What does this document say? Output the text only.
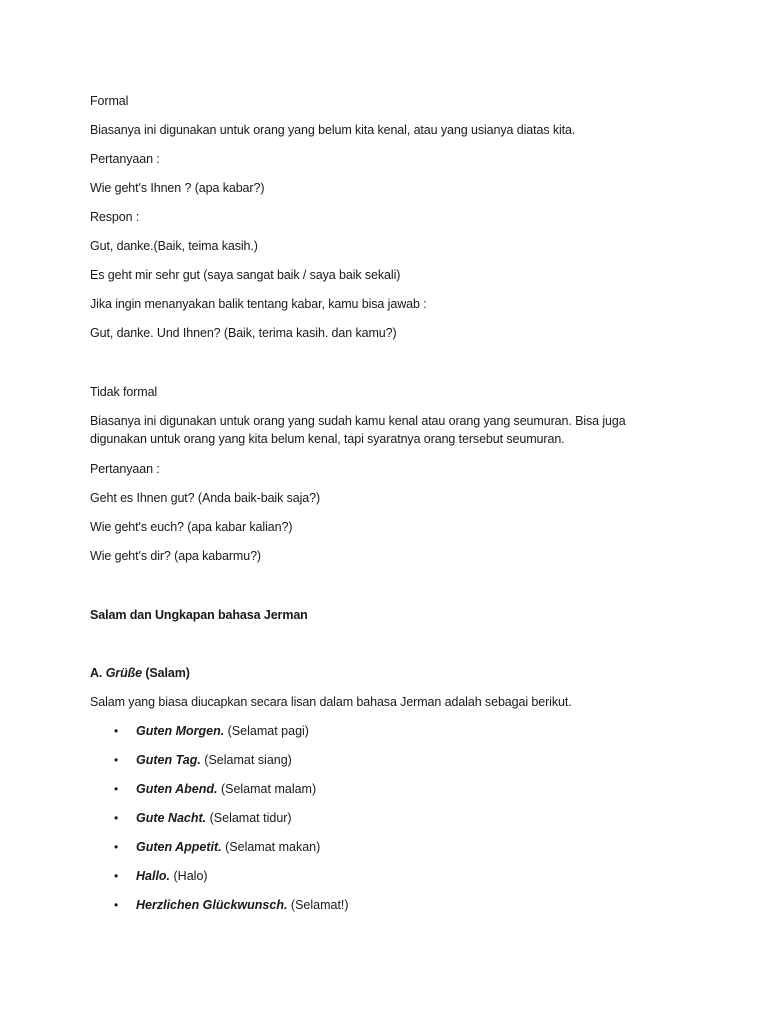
Formal
Biasanya ini digunakan untuk orang yang belum kita kenal, atau yang usianya diatas kita.
Pertanyaan :
Wie geht's Ihnen ? (apa kabar?)
Respon :
Gut, danke.(Baik, teima kasih.)
Es geht mir sehr gut (saya sangat baik / saya baik sekali)
Jika ingin menanyakan balik tentang kabar, kamu bisa jawab :
Gut, danke. Und Ihnen? (Baik, terima kasih. dan kamu?)
Tidak formal
Biasanya ini digunakan untuk orang yang sudah kamu kenal atau orang yang seumuran. Bisa juga digunakan untuk orang yang kita belum kenal, tapi syaratnya orang tersebut seumuran.
Pertanyaan :
Geht es Ihnen gut? (Anda baik-baik saja?)
Wie geht's euch? (apa kabar kalian?)
Wie geht's dir? (apa kabarmu?)
Salam dan Ungkapan bahasa Jerman
A. Grüße (Salam)
Salam yang biasa diucapkan secara lisan dalam bahasa Jerman adalah sebagai berikut.
• Guten Morgen. (Selamat pagi)
• Guten Tag. (Selamat siang)
• Guten Abend. (Selamat malam)
• Gute Nacht. (Selamat tidur)
• Guten Appetit. (Selamat makan)
• Hallo. (Halo)
• Herzlichen Glückwunsch. (Selamat!)
